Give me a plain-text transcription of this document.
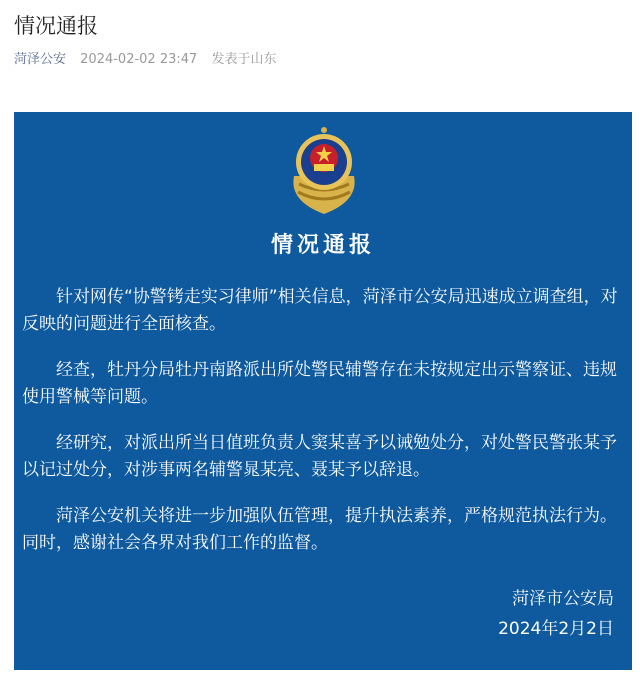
情况通报
菏泽公安 2024-02-02 23:47 发表于山东
情况通报

针对网传“协警铐走实习律师”相关信息，菏泽市公安局迅速成立调查组，对反映的问题进行全面核查。

经查，牡丹分局牡丹南路派出所处警民辅警存在未按规定出示警察证、违规使用警械等问题。

经研究，对派出所当日值班负责人窦某喜予以诫勉处分，对处警民警张某予以记过处分，对涉事两名辅警晁某亮、聂某予以辞退。

菏泽公安机关将进一步加强队伍管理，提升执法素养，严格规范执法行为。同时，感谢社会各界对我们工作的监督。

菏泽市公安局
2024年2月2日
